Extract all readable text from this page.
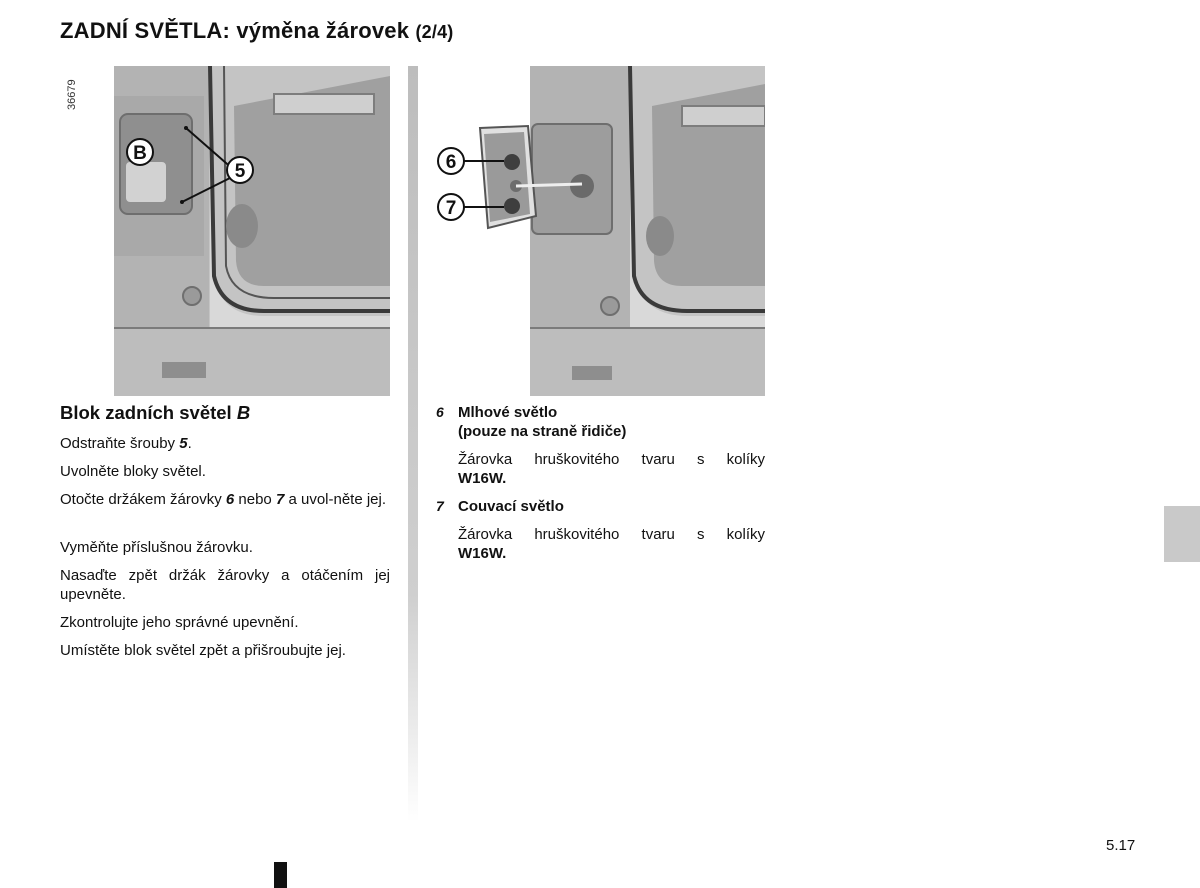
ZADNÍ SVĚTLA: výměna žárovek (2/4)
36679
B
5	6
7
Blok zadních světel B
Odstraňte šrouby 5.
Uvolněte bloky světel.
Otočte držákem žárovky 6 nebo 7 a uvol-něte jej.
Vyměňte příslušnou žárovku.
Nasaďte zpět držák žárovky a otáčením jej upevněte.
Zkontrolujte jeho správné upevnění.
Umístěte blok světel zpět a přišroubujte jej.
6 Mlhové světlo
(pouze na straně řidiče)
Žárovka hruškovitého tvaru s kolíky
W16W.
7 Couvací světlo
Žárovka hruškovitého tvaru s kolíky
W16W.
5.17
